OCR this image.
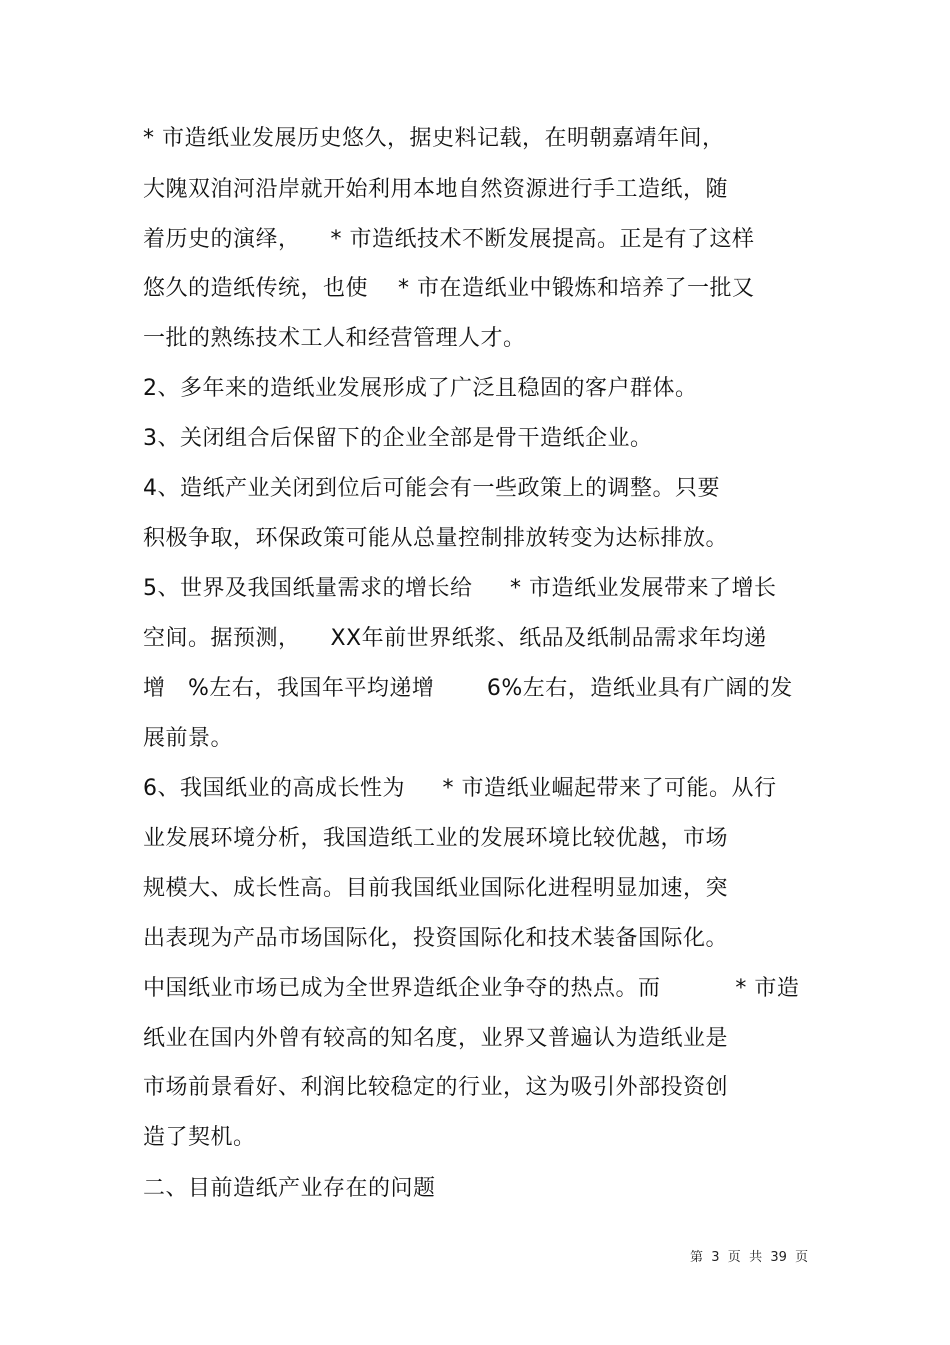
* 市造纸业发展历史悠久，据史料记载，在明朝嘉靖年间，
大隗双洎河沿岸就开始利用本地自然资源进行手工造纸，随
着历史的演绎，    * 市造纸技术不断发展提高。正是有了这样
悠久的造纸传统，也使    * 市在造纸业中锻炼和培养了一批又
一批的熟练技术工人和经营管理人才。
2、多年来的造纸业发展形成了广泛且稳固的客户群体。
3、关闭组合后保留下的企业全部是骨干造纸企业。
4、造纸产业关闭到位后可能会有一些政策上的调整。只要
积极争取，环保政策可能从总量控制排放转变为达标排放。
5、世界及我国纸量需求的增长给     * 市造纸业发展带来了增长
空间。据预测，    XX年前世界纸浆、纸品及纸制品需求年均递
增   %左右，我国年平均递增       6%左右，造纸业具有广阔的发
展前景。
6、我国纸业的高成长性为     * 市造纸业崛起带来了可能。从行
业发展环境分析，我国造纸工业的发展环境比较优越，市场
规模大、成长性高。目前我国纸业国际化进程明显加速，突
出表现为产品市场国际化，投资国际化和技术装备国际化。
中国纸业市场已成为全世界造纸企业争夺的热点。而          * 市造
纸业在国内外曾有较高的知名度，业界又普遍认为造纸业是
市场前景看好、利润比较稳定的行业，这为吸引外部投资创
造了契机。
二、目前造纸产业存在的问题
第  3  页  共  39  页
